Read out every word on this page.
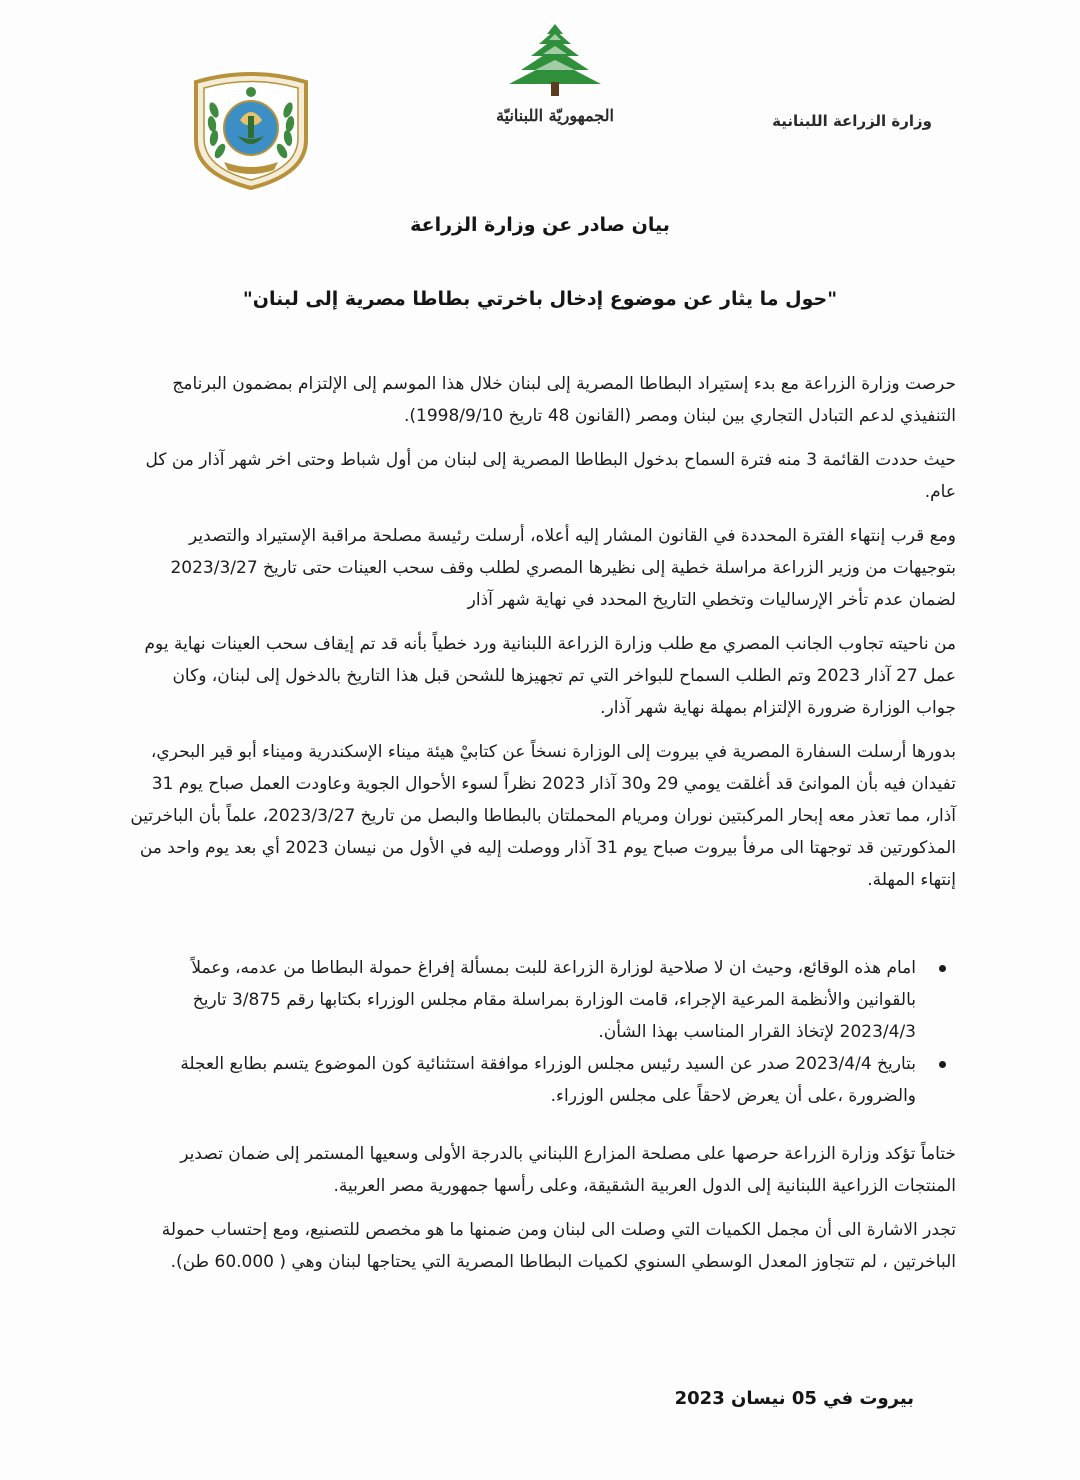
الجمهوريّة اللبنانيّة	وزارة الزراعة اللبنانية
بيان صادر عن وزارة الزراعة
"حول ما يثار عن موضوع إدخال باخرتي بطاطا مصرية إلى لبنان"

حرصت وزارة الزراعة مع بدء إستيراد البطاطا المصرية إلى لبنان خلال هذا الموسم إلى الإلتزام بمضمون البرنامج التنفيذي لدعم التبادل التجاري بين لبنان ومصر (القانون 48 تاريخ 1998/9/10).

حيث حددت القائمة 3 منه فترة السماح بدخول البطاطا المصرية إلى لبنان من أول شباط وحتى اخر شهر آذار من كل عام.

ومع قرب إنتهاء الفترة المحددة في القانون المشار إليه أعلاه، أرسلت رئيسة مصلحة مراقبة الإستيراد والتصدير بتوجيهات من وزير الزراعة مراسلة خطية إلى نظيرها المصري لطلب وقف سحب العينات حتى تاريخ 2023/3/27 لضمان عدم تأخر الإرساليات وتخطي التاريخ المحدد في نهاية شهر آذار

من ناحيته تجاوب الجانب المصري مع طلب وزارة الزراعة اللبنانية ورد خطياً بأنه قد تم إيقاف سحب العينات نهاية يوم عمل 27 آذار 2023 وتم الطلب السماح للبواخر التي تم تجهيزها للشحن قبل هذا التاريخ بالدخول إلى لبنان، وكان جواب الوزارة ضرورة الإلتزام بمهلة نهاية شهر آذار.

بدورها أرسلت السفارة المصرية في بيروت إلى الوزارة نسخاً عن كتابيْ هيئة ميناء الإسكندرية وميناء أبو قير البحري، تفيدان فيه بأن الموانئ قد أغلقت يومي 29 و30 آذار 2023 نظراً لسوء الأحوال الجوية وعاودت العمل صباح يوم 31 آذار، مما تعذر معه إبحار المركبتين نوران ومريام المحملتان بالبطاطا والبصل من تاريخ 2023/3/27، علماً بأن الباخرتين المذكورتين قد توجهتا الى مرفأ بيروت صباح يوم 31 آذار ووصلت إليه في الأول من نيسان 2023 أي بعد يوم واحد من إنتهاء المهلة.

امام هذه الوقائع، وحيث ان لا صلاحية لوزارة الزراعة للبت بمسألة إفراغ حمولة البطاطا من عدمه، وعملاً بالقوانين والأنظمة المرعية الإجراء، قامت الوزارة بمراسلة مقام مجلس الوزراء بكتابها رقم 3/875 تاريخ 2023/4/3 لإتخاذ القرار المناسب بهذا الشأن.
بتاريخ 2023/4/4 صدر عن السيد رئيس مجلس الوزراء موافقة استثنائية كون الموضوع يتسم بطابع العجلة والضرورة ،على أن يعرض لاحقاً على مجلس الوزراء.

ختاماً تؤكد وزارة الزراعة حرصها على مصلحة المزارع اللبناني بالدرجة الأولى وسعيها المستمر إلى ضمان تصدير المنتجات الزراعية اللبنانية إلى الدول العربية الشقيقة، وعلى رأسها جمهورية مصر العربية.

تجدر الاشارة الى أن مجمل الكميات التي وصلت الى لبنان ومن ضمنها ما هو مخصص للتصنيع، ومع إحتساب حمولة الباخرتين ، لم تتجاوز المعدل الوسطي السنوي لكميات البطاطا المصرية التي يحتاجها لبنان وهي ( 60.000 طن).

بيروت في 05 نيسان 2023
